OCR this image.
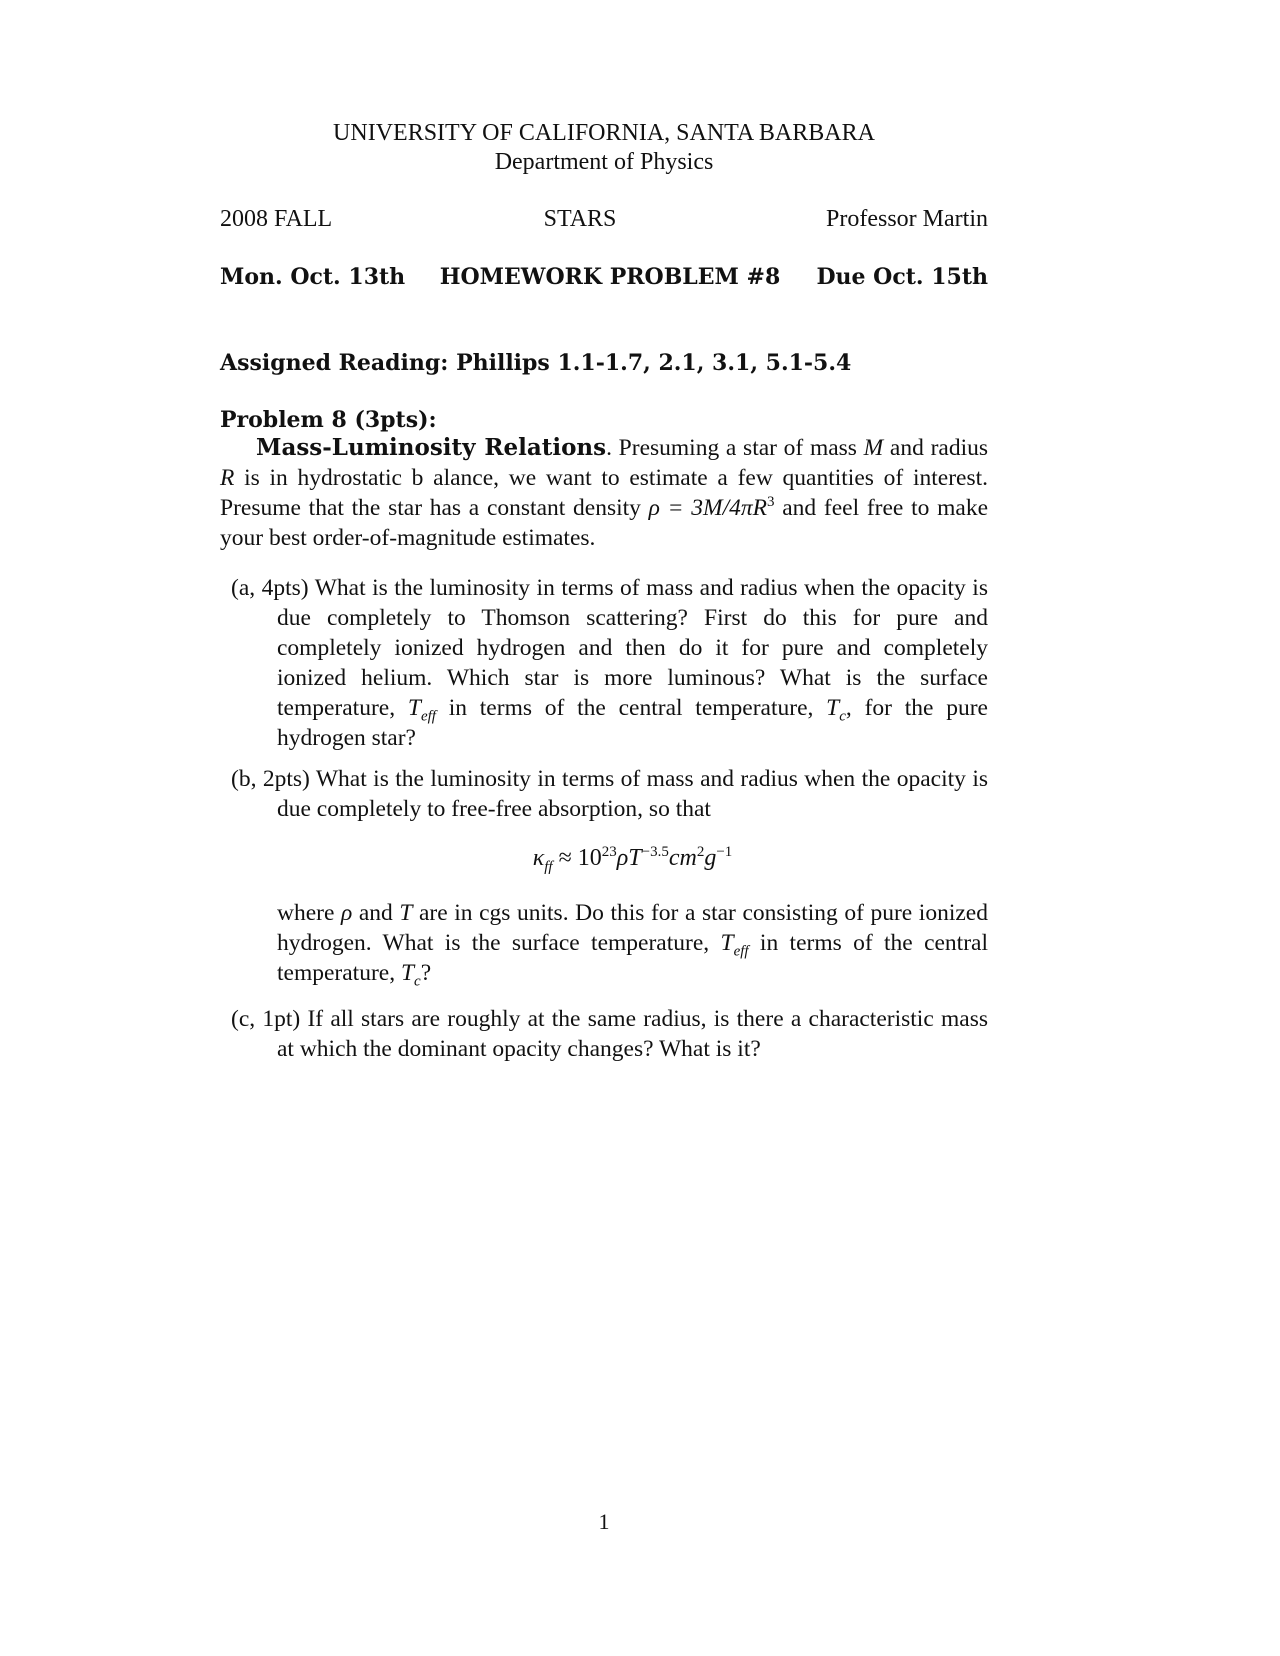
UNIVERSITY OF CALIFORNIA, SANTA BARBARA
Department of Physics
2008 FALL	STARS	Professor Martin
Mon. Oct. 13th	HOMEWORK PROBLEM #8	Due Oct. 15th
Assigned Reading: Phillips 1.1-1.7, 2.1, 3.1, 5.1-5.4
Problem 8 (3pts):
Mass-Luminosity Relations. Presuming a star of mass M and radius R is in hydrostatic b alance, we want to estimate a few quantities of interest. Presume that the star has a constant density $\rho = 3M/4\pi R^3$ and feel free to make your best order-of-magnitude estimates.
(a, 4pts) What is the luminosity in terms of mass and radius when the opacity is due completely to Thomson scattering? First do this for pure and completely ionized hydrogen and then do it for pure and completely ionized helium. Which star is more luminous? What is the surface temperature, $T_{eff}$ in terms of the central temperature, $T_c$, for the pure hydrogen star?
(b, 2pts) What is the luminosity in terms of mass and radius when the opacity is due completely to free-free absorption, so that
$\kappa_{ff} \approx 10^{23}\rho T^{-3.5}cm^2g^{-1}$
where ρ and T are in cgs units. Do this for a star consisting of pure ionized hydrogen. What is the surface temperature, $T_{eff}$ in terms of the central temperature, $T_c$?
(c, 1pt) If all stars are roughly at the same radius, is there a characteristic mass at which the dominant opacity changes? What is it?
1
